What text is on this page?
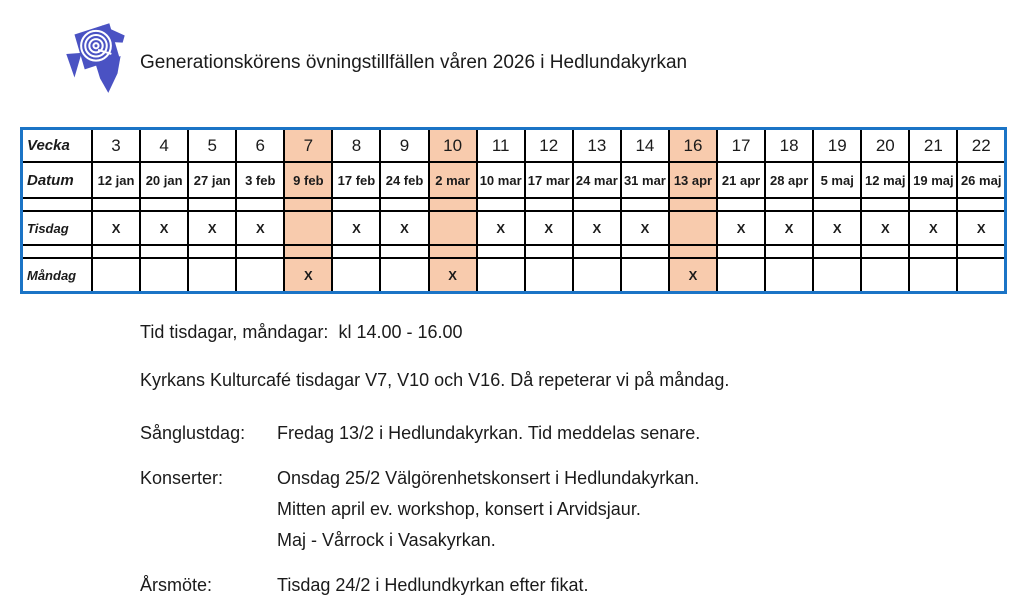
Generationskörens övningstillfällen våren 2026 i Hedlundakyrkan
Vecka	3	4	5	6	7	8	9	10	11	12	13	14	16	17	18	19	20	21	22
Datum	12 jan	20 jan	27 jan	3 feb	9 feb	17 feb	24 feb	2 mar	10 mar	17 mar	24 mar	31 mar	13 apr	21 apr	28 apr	5 maj	12 maj	19 maj	26 maj

Tisdag	X	X	X	X		X	X		X	X	X	X		X	X	X	X	X	X

Måndag					X			X					X						
Tid tisdagar, måndagar:  kl 14.00 - 16.00
Kyrkans Kulturcafé tisdagar V7, V10 och V16. Då repeterar vi på måndag.
Sånglustdag:	Fredag 13/2 i Hedlundakyrkan. Tid meddelas senare.
Konserter:	Onsdag 25/2 Välgörenhetskonsert i Hedlundakyrkan.
Mitten april ev. workshop, konsert i Arvidsjaur.
Maj - Vårrock i Vasakyrkan.
Årsmöte:	Tisdag 24/2 i Hedlundkyrkan efter fikat.
